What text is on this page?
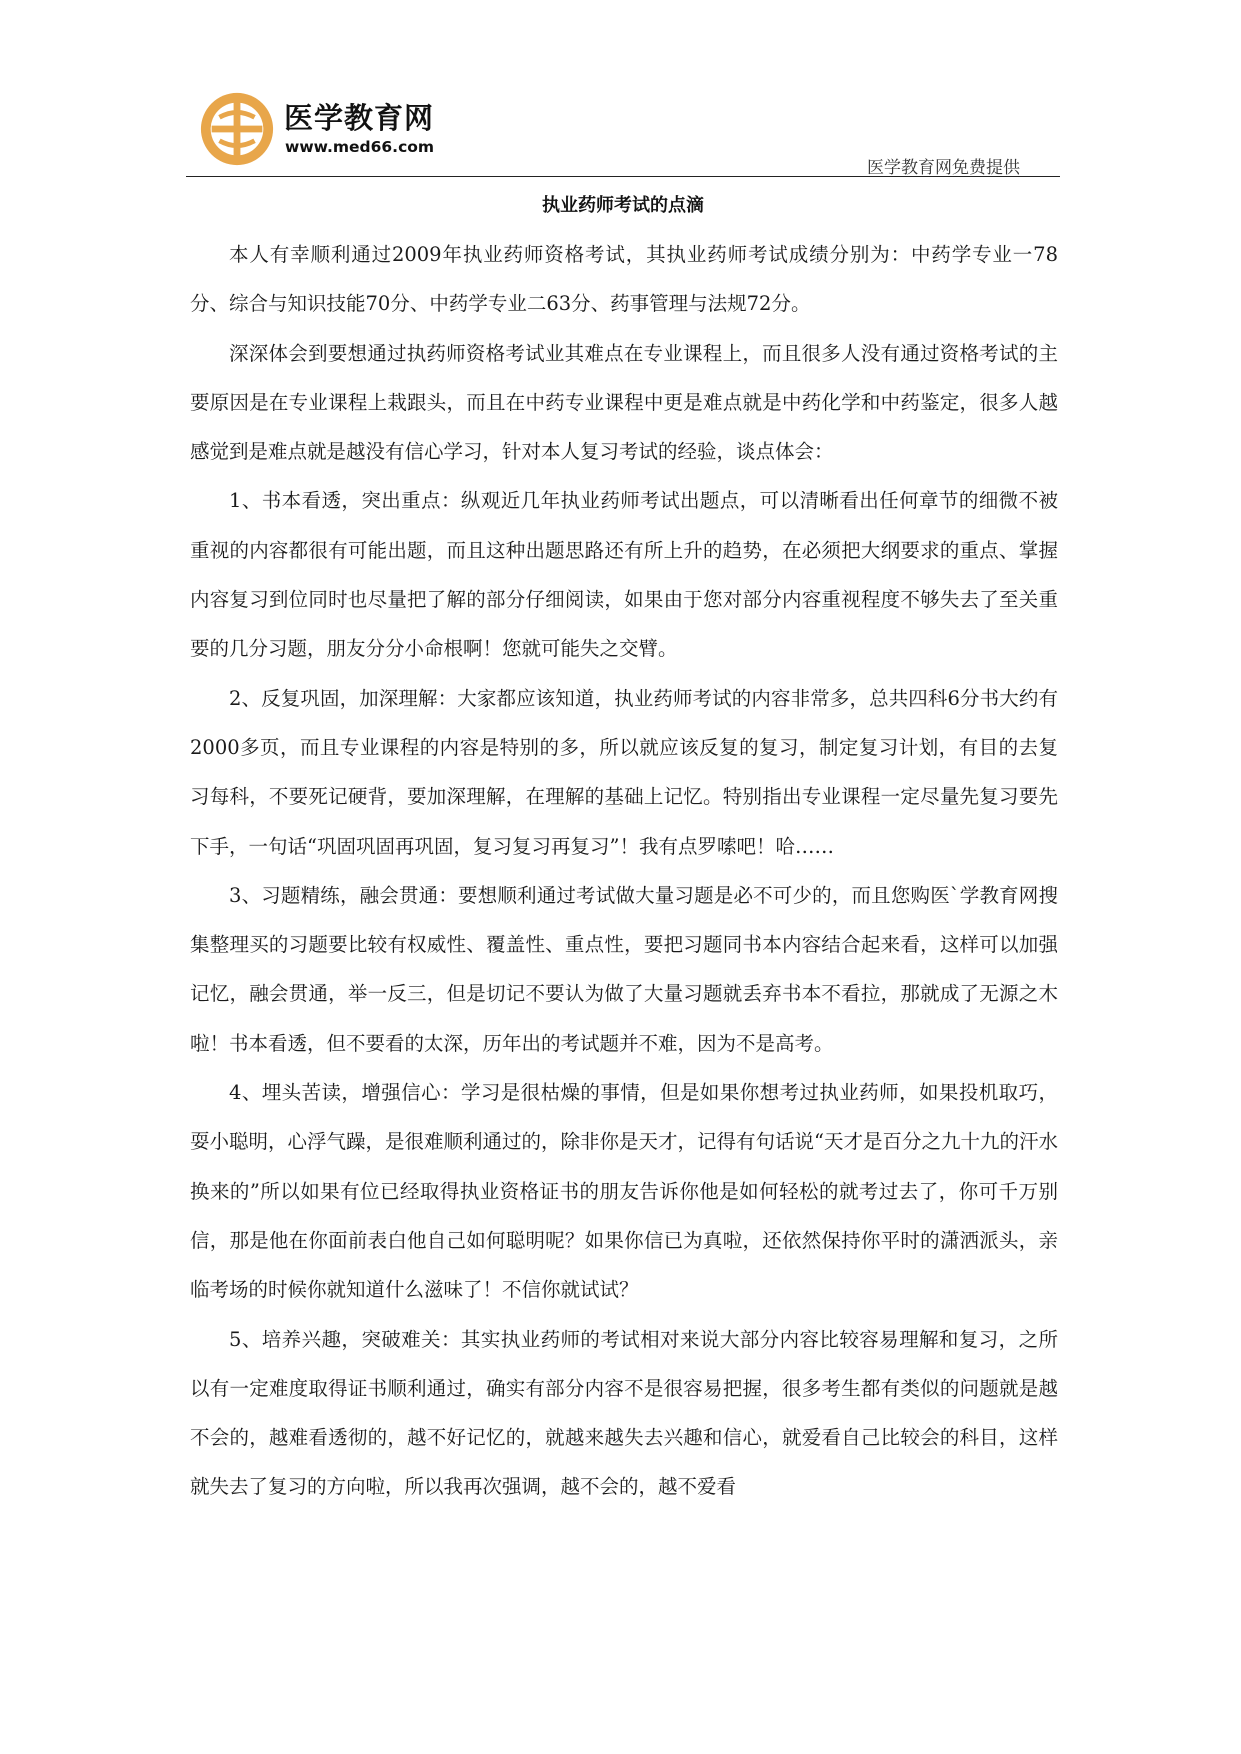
医学教育网
www.med66.com
医学教育网免费提供
执业药师考试的点滴

本人有幸顺利通过2009年执业药师资格考试，其执业药师考试成绩分别为：中药学专业一78分、综合与知识技能70分、中药学专业二63分、药事管理与法规72分。

深深体会到要想通过执药师资格考试业其难点在专业课程上，而且很多人没有通过资格考试的主要原因是在专业课程上栽跟头，而且在中药专业课程中更是难点就是中药化学和中药鉴定，很多人越感觉到是难点就是越没有信心学习，针对本人复习考试的经验，谈点体会：

1、书本看透，突出重点：纵观近几年执业药师考试出题点，可以清晰看出任何章节的细微不被重视的内容都很有可能出题，而且这种出题思路还有所上升的趋势，在必须把大纲要求的重点、掌握内容复习到位同时也尽量把了解的部分仔细阅读，如果由于您对部分内容重视程度不够失去了至关重要的几分习题，朋友分分小命根啊！您就可能失之交臂。

2、反复巩固，加深理解：大家都应该知道，执业药师考试的内容非常多，总共四科6分书大约有2000多页，而且专业课程的内容是特别的多，所以就应该反复的复习，制定复习计划，有目的去复习每科，不要死记硬背，要加深理解，在理解的基础上记忆。特别指出专业课程一定尽量先复习要先下手，一句话“巩固巩固再巩固，复习复习再复习”！我有点罗嗦吧！哈……

3、习题精练，融会贯通：要想顺利通过考试做大量习题是必不可少的，而且您购医`学教育网搜集整理买的习题要比较有权威性、覆盖性、重点性，要把习题同书本内容结合起来看，这样可以加强记忆，融会贯通，举一反三，但是切记不要认为做了大量习题就丢弃书本不看拉，那就成了无源之木啦！书本看透，但不要看的太深，历年出的考试题并不难，因为不是高考。

4、埋头苦读，增强信心：学习是很枯燥的事情，但是如果你想考过执业药师，如果投机取巧，耍小聪明，心浮气躁，是很难顺利通过的，除非你是天才，记得有句话说“天才是百分之九十九的汗水换来的”所以如果有位已经取得执业资格证书的朋友告诉你他是如何轻松的就考过去了，你可千万别信，那是他在你面前表白他自己如何聪明呢？如果你信已为真啦，还依然保持你平时的潇洒派头，亲临考场的时候你就知道什么滋味了！不信你就试试？

5、培养兴趣，突破难关：其实执业药师的考试相对来说大部分内容比较容易理解和复习，之所以有一定难度取得证书顺利通过，确实有部分内容不是很容易把握，很多考生都有类似的问题就是越不会的，越难看透彻的，越不好记忆的，就越来越失去兴趣和信心，就爱看自己比较会的科目，这样就失去了复习的方向啦，所以我再次强调，越不会的，越不爱看
